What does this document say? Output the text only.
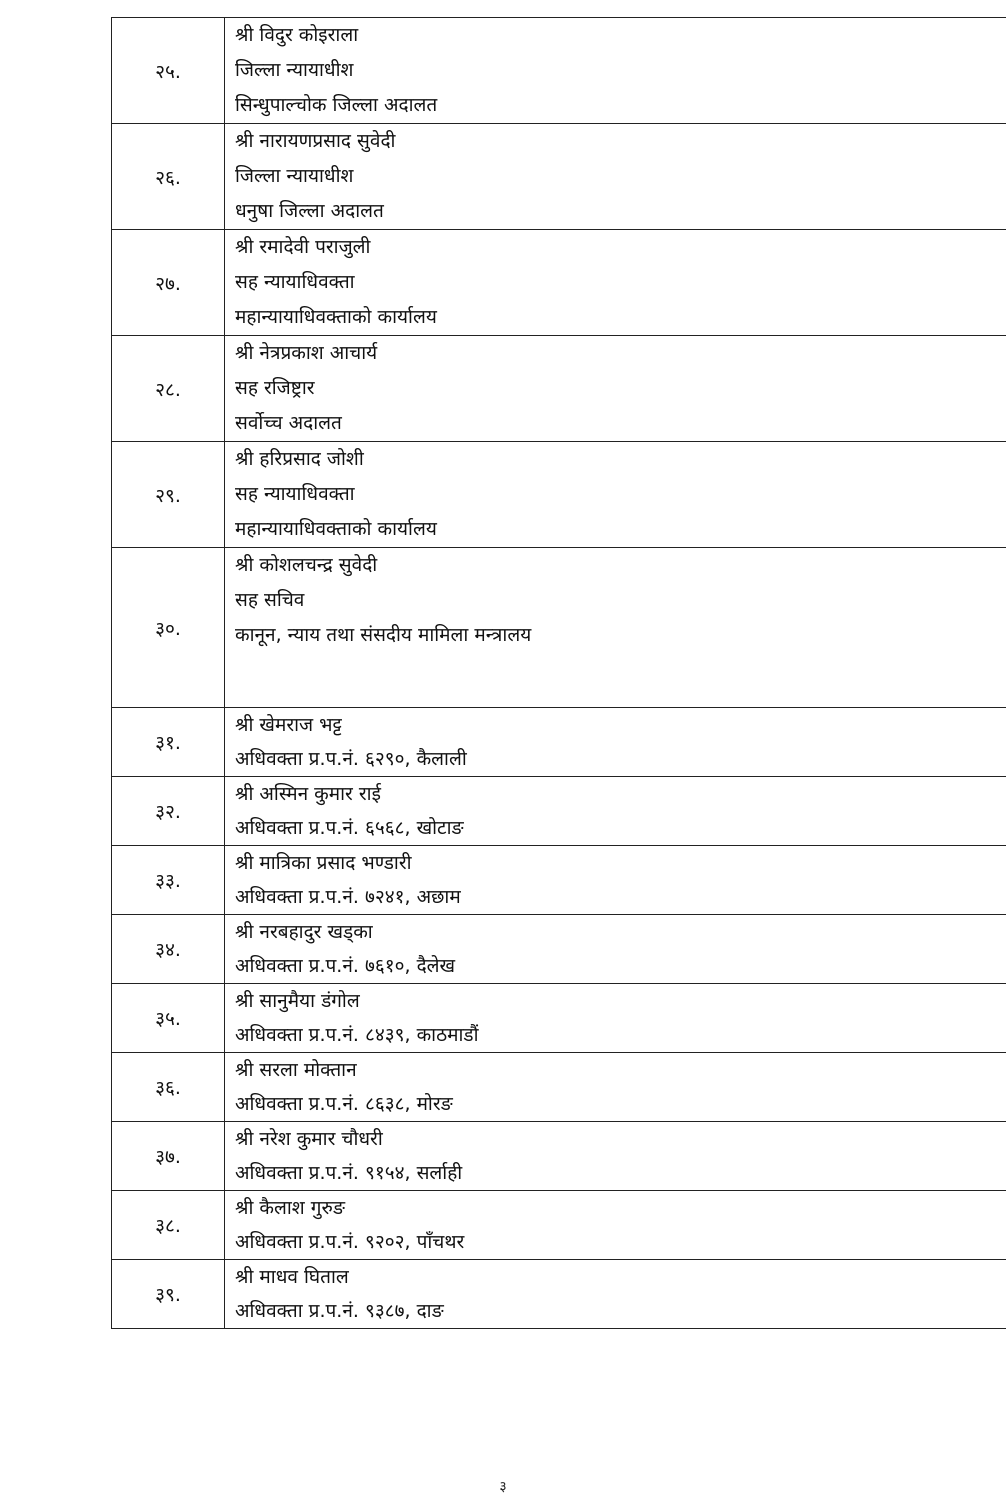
२५.	श्री विदुर कोइराला
जिल्ला न्यायाधीश
सिन्धुपाल्चोक जिल्ला अदालत

२६.	श्री नारायणप्रसाद सुवेदी
जिल्ला न्यायाधीश
धनुषा जिल्ला अदालत

२७.	श्री रमादेवी पराजुली
सह न्यायाधिवक्ता
महान्यायाधिवक्ताको कार्यालय

२८.	श्री नेत्रप्रकाश आचार्य
सह रजिष्ट्रार
सर्वोच्च अदालत

२९.	श्री हरिप्रसाद जोशी
सह न्यायाधिवक्ता
महान्यायाधिवक्ताको कार्यालय

३०.	श्री कोशलचन्द्र सुवेदी
सह सचिव
कानून, न्याय तथा संसदीय मामिला मन्त्रालय

३१.	श्री खेमराज भट्ट
अधिवक्ता प्र.प.नं. ६२९०, कैलाली

३२.	श्री अस्मिन कुमार राई
अधिवक्ता प्र.प.नं. ६५६८, खोटाङ

३३.	श्री मात्रिका प्रसाद भण्डारी
अधिवक्ता प्र.प.नं. ७२४१, अछाम

३४.	श्री नरबहादुर खड्का
अधिवक्ता प्र.प.नं. ७६१०, दैलेख

३५.	श्री सानुमैया डंगोल
अधिवक्ता प्र.प.नं. ८४३९, काठमाडौं

३६.	श्री सरला मोक्तान
अधिवक्ता प्र.प.नं. ८६३८, मोरङ

३७.	श्री नरेश कुमार चौधरी
अधिवक्ता प्र.प.नं. ९१५४, सर्लाही

३८.	श्री कैलाश गुरुङ
अधिवक्ता प्र.प.नं. ९२०२, पाँचथर

३९.	श्री माधव घिताल
अधिवक्ता प्र.प.नं. ९३८७, दाङ
३
